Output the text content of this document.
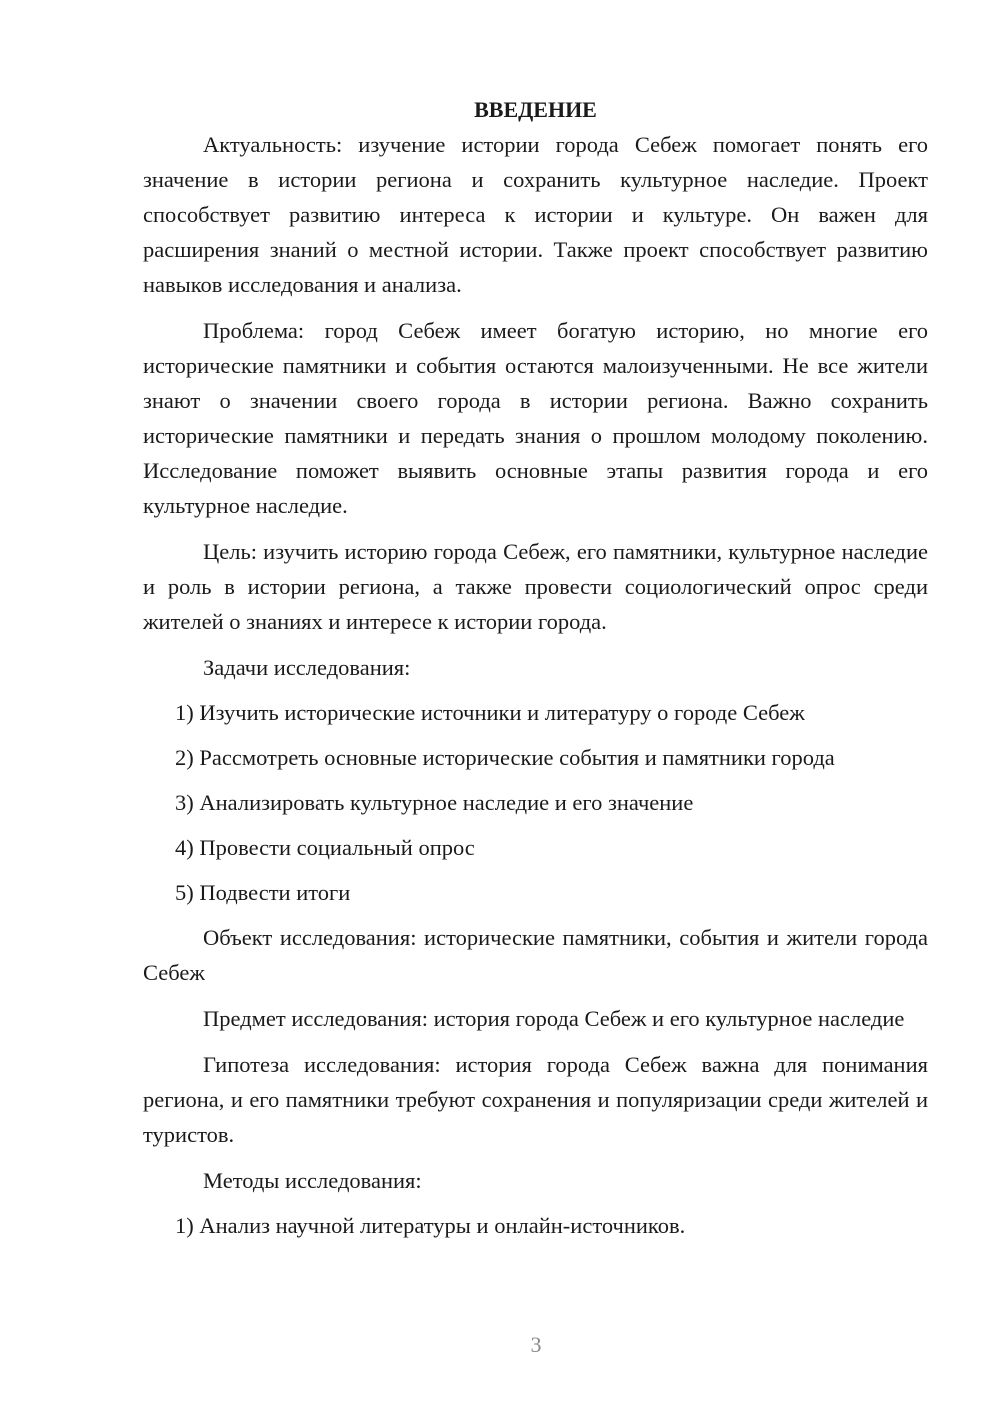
ВВЕДЕНИЕ

Актуальность: изучение истории города Себеж помогает понять его значение в истории региона и сохранить культурное наследие. Проект способствует развитию интереса к истории и культуре. Он важен для расширения знаний о местной истории. Также проект способствует развитию навыков исследования и анализа.

Проблема: город Себеж имеет богатую историю, но многие его исторические памятники и события остаются малоизученными. Не все жители знают о значении своего города в истории региона. Важно сохранить исторические памятники и передать знания о прошлом молодому поколению. Исследование поможет выявить основные этапы развития города и его культурное наследие.

Цель: изучить историю города Себеж, его памятники, культурное наследие и роль в истории региона, а также провести социологический опрос среди жителей о знаниях и интересе к истории города.

Задачи исследования:

1) Изучить исторические источники и литературу о городе Себеж

2) Рассмотреть основные исторические события и памятники города

3) Анализировать культурное наследие и его значение

4) Провести социальный опрос

5) Подвести итоги

Объект исследования: исторические памятники, события и жители города Себеж

Предмет исследования: история города Себеж и его культурное наследие

Гипотеза исследования: история города Себеж важна для понимания региона, и его памятники требуют сохранения и популяризации среди жителей и туристов.

Методы исследования:

1) Анализ научной литературы и онлайн-источников.

3
